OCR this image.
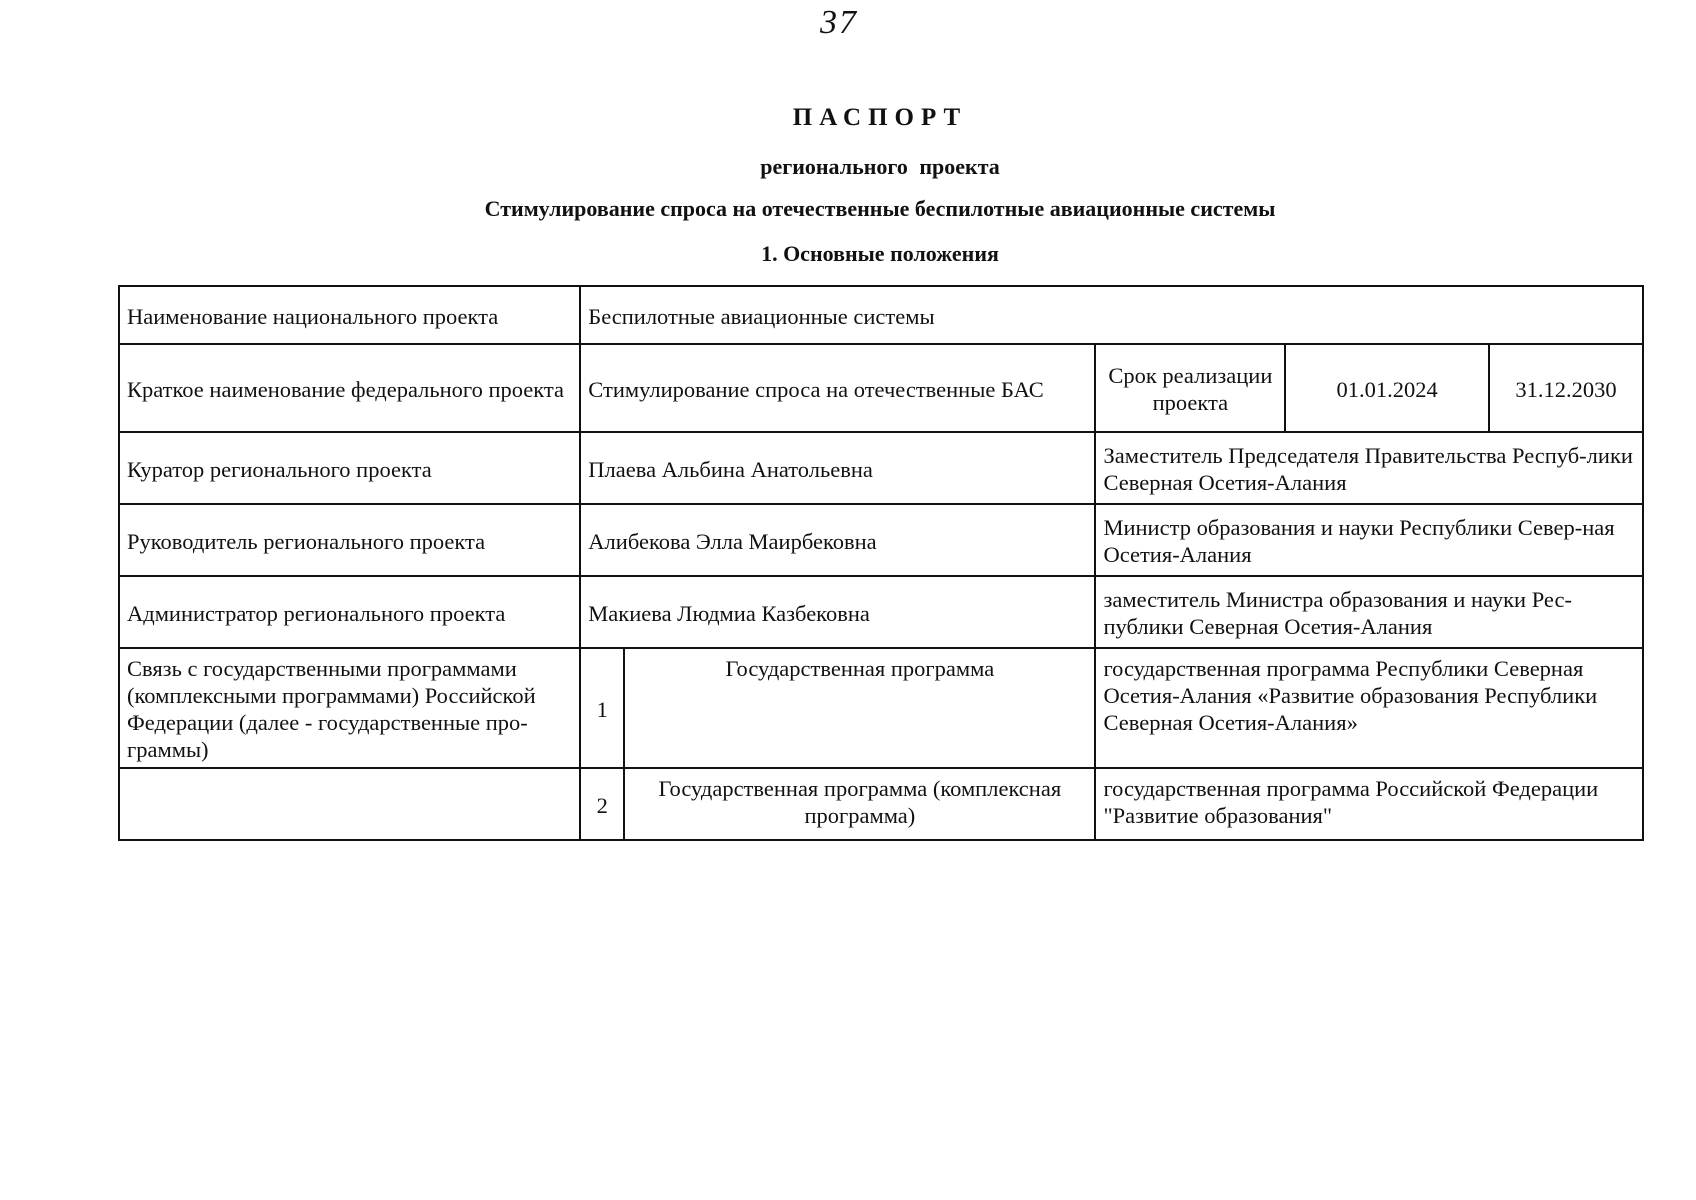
37
ПАСПОРТ
регионального проекта
Стимулирование спроса на отечественные беспилотные авиационные системы
1. Основные положения
Наименование национального проекта	Беспилотные авиационные системы				
Краткое наименование федерального проекта	Стимулирование спроса на отечественные БАС		Срок реализации проекта	01.01.2024	31.12.2030
Куратор регионального проекта	Плаева Альбина Анатольевна		Заместитель Председателя Правительства Респуб-лики Северная Осетия-Алания		
Руководитель регионального проекта	Алибекова Элла Маирбековна		Министр образования и науки Республики Север-ная Осетия-Алания		
Администратор регионального проекта	Макиева Людмиа Казбековна		заместитель Министра образования и науки Рес-публики Северная Осетия-Алания		
Связь с государственными программами (комплексными программами) Российской Федерации (далее - государственные про-граммы)	1	Государственная программа	государственная программа Республики Северная Осетия-Алания «Развитие образования Республики Северная Осетия-Алания»		
	2	Государственная программа (комплексная программа)	государственная программа Российской Федерации "Развитие образования"		
